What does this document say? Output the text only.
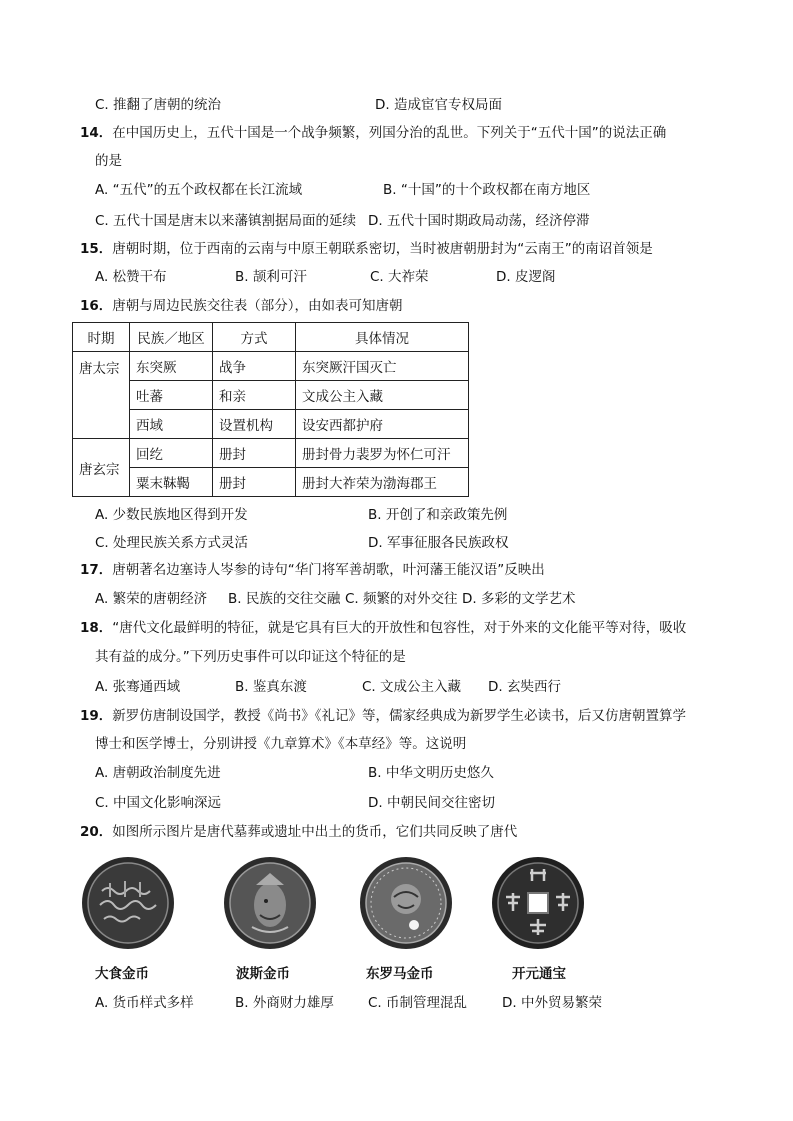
C. 推翻了唐朝的统治	D. 造成宦官专权局面
14．在中国历史上，五代十国是一个战争频繁，列国分治的乱世。下列关于“五代十国”的说法正确
的是
A. “五代”的五个政权都在长江流域	B. “十国”的十个政权都在南方地区
C. 五代十国是唐末以来藩镇割据局面的延续 D. 五代十国时期政局动荡，经济停滞
15．唐朝时期，位于西南的云南与中原王朝联系密切，当时被唐朝册封为“云南王”的南诏首领是
A. 松赞干布	B. 颉利可汗	C. 大祚荣	D. 皮逻阁
16．唐朝与周边民族交往表（部分），由如表可知唐朝
时期	民族／地区	方式	具体情况
唐太宗	东突厥	战争	东突厥汗国灭亡
	吐蕃	和亲	文成公主入藏
	西域	设置机构	设安西都护府
唐玄宗	回纥	册封	册封骨力裴罗为怀仁可汗
	粟末靺鞨	册封	册封大祚荣为渤海郡王
A. 少数民族地区得到开发	B. 开创了和亲政策先例
C. 处理民族关系方式灵活	D. 军事征服各民族政权
17．唐朝著名边塞诗人岑参的诗句“华门将军善胡歌，叶河藩王能汉语”反映出
A. 繁荣的唐朝经济 B. 民族的交往交融 C. 频繁的对外交往 D. 多彩的文学艺术
18．“唐代文化最鲜明的特征，就是它具有巨大的开放性和包容性，对于外来的文化能平等对待，吸收
其有益的成分。”下列历史事件可以印证这个特征的是
A. 张骞通西域	B. 鉴真东渡	C. 文成公主入藏 D. 玄奘西行
19．新罗仿唐制设国学，教授《尚书》《礼记》等，儒家经典成为新罗学生必读书，后又仿唐朝置算学
博士和医学博士，分别讲授《九章算术》《本草经》等。这说明
A. 唐朝政治制度先进	B. 中华文明历史悠久
C. 中国文化影响深远	D. 中朝民间交往密切
20．如图所示图片是唐代墓葬或遗址中出土的货币，它们共同反映了唐代
大食金币	波斯金币	东罗马金币	开元通宝
A. 货币样式多样	B. 外商财力雄厚	C. 币制管理混乱	D. 中外贸易繁荣
